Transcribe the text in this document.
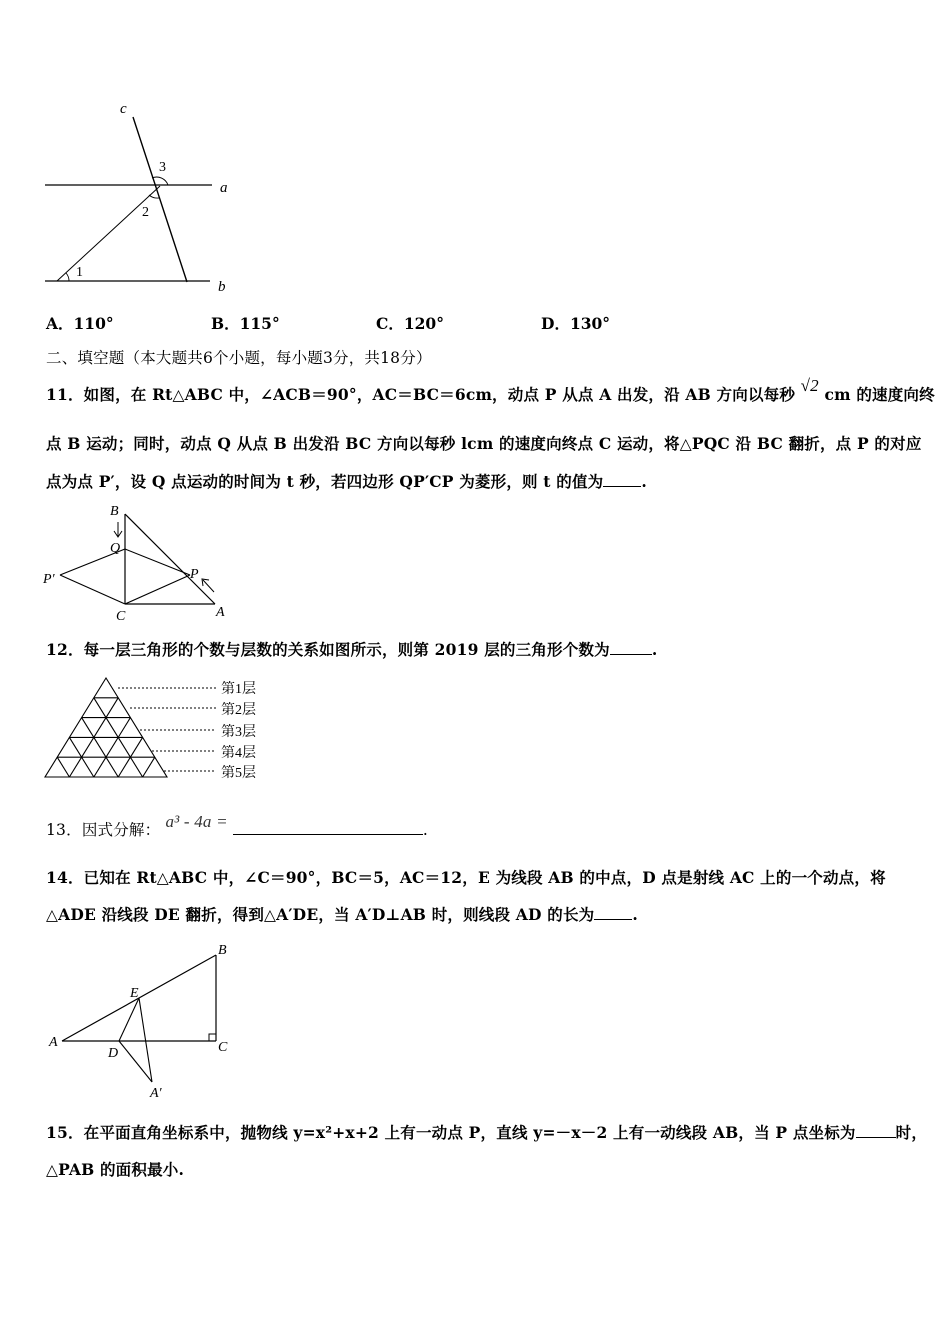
c
3
a
2
1
b
A．110°	B．115°	C．120°	D．130°
二、填空题（本大题共6个小题，每小题3分，共18分）
11．如图，在 Rt△ABC 中，∠ACB＝90°，AC＝BC＝6cm，动点 P 从点 A 出发，沿 AB 方向以每秒 √2 cm 的速度向终
点 B 运动；同时，动点 Q 从点 B 出发沿 BC 方向以每秒 lcm 的速度向终点 C 运动，将△PQC 沿 BC 翻折，点 P 的对应
点为点 P′，设 Q 点运动的时间为 t 秒，若四边形 QP′CP 为菱形，则 t 的值为 .
B
Q
P′	P
C	A
12．每一层三角形的个数与层数的关系如图所示，则第 2019 层的三角形个数为	.
第1层
第2层
第3层
第4层
第5层
13．因式分解： a³ - 4a =	.
14．已知在 Rt△ABC 中，∠C＝90°，BC＝5，AC＝12，E 为线段 AB 的中点，D 点是射线 AC 上的一个动点，将
△ADE 沿线段 DE 翻折，得到△A′DE，当 A′D⊥AB 时，则线段 AD 的长为 .
A
B
C
D
E
A′
15．在平面直角坐标系中，抛物线 y=x²+x+2 上有一动点 P，直线 y=－x－2 上有一动线段 AB，当 P 点坐标为	时，
△PAB 的面积最小.
